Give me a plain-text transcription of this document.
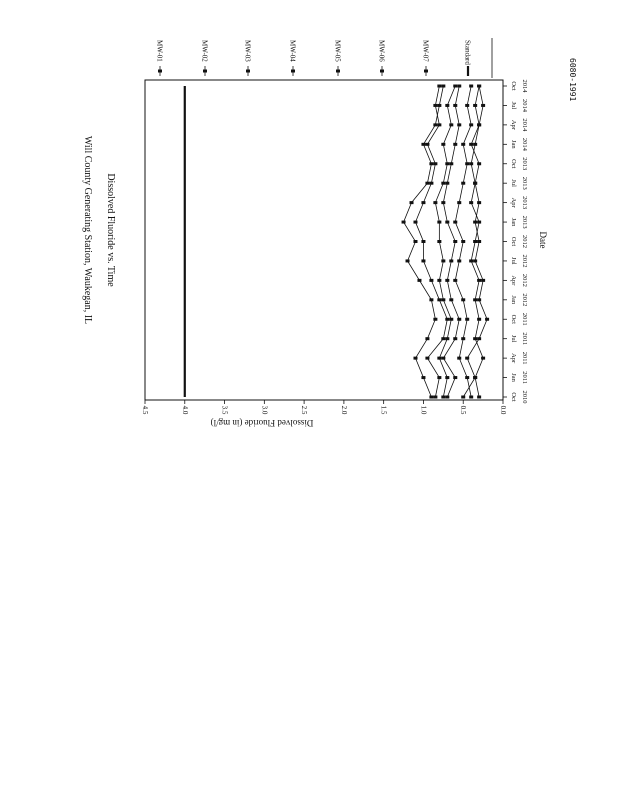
6080-1991
Will County Generating Station, Waukegan, IL Dissolved Fluoride vs. Time
Dissolved Fluoride (in mg/l)
Date
4.5	4.0	3.5	3.0	2.5	2.0	1.5	1.0	0.5	0.0
Oct 2010
Jan 2011
Apr 2011
Jul 2011
Oct 2011
Jan 2012
Apr 2012
Jul 2012
Oct 2012
Jan 2013
Apr 2013
Jul 2013
Oct 2013
Jan 2014
Apr 2014
Jul 2014
Oct 2014
MW-01	MW-02	MW-03	MW-04	MW-05	MW-06	MW-07	Standard
